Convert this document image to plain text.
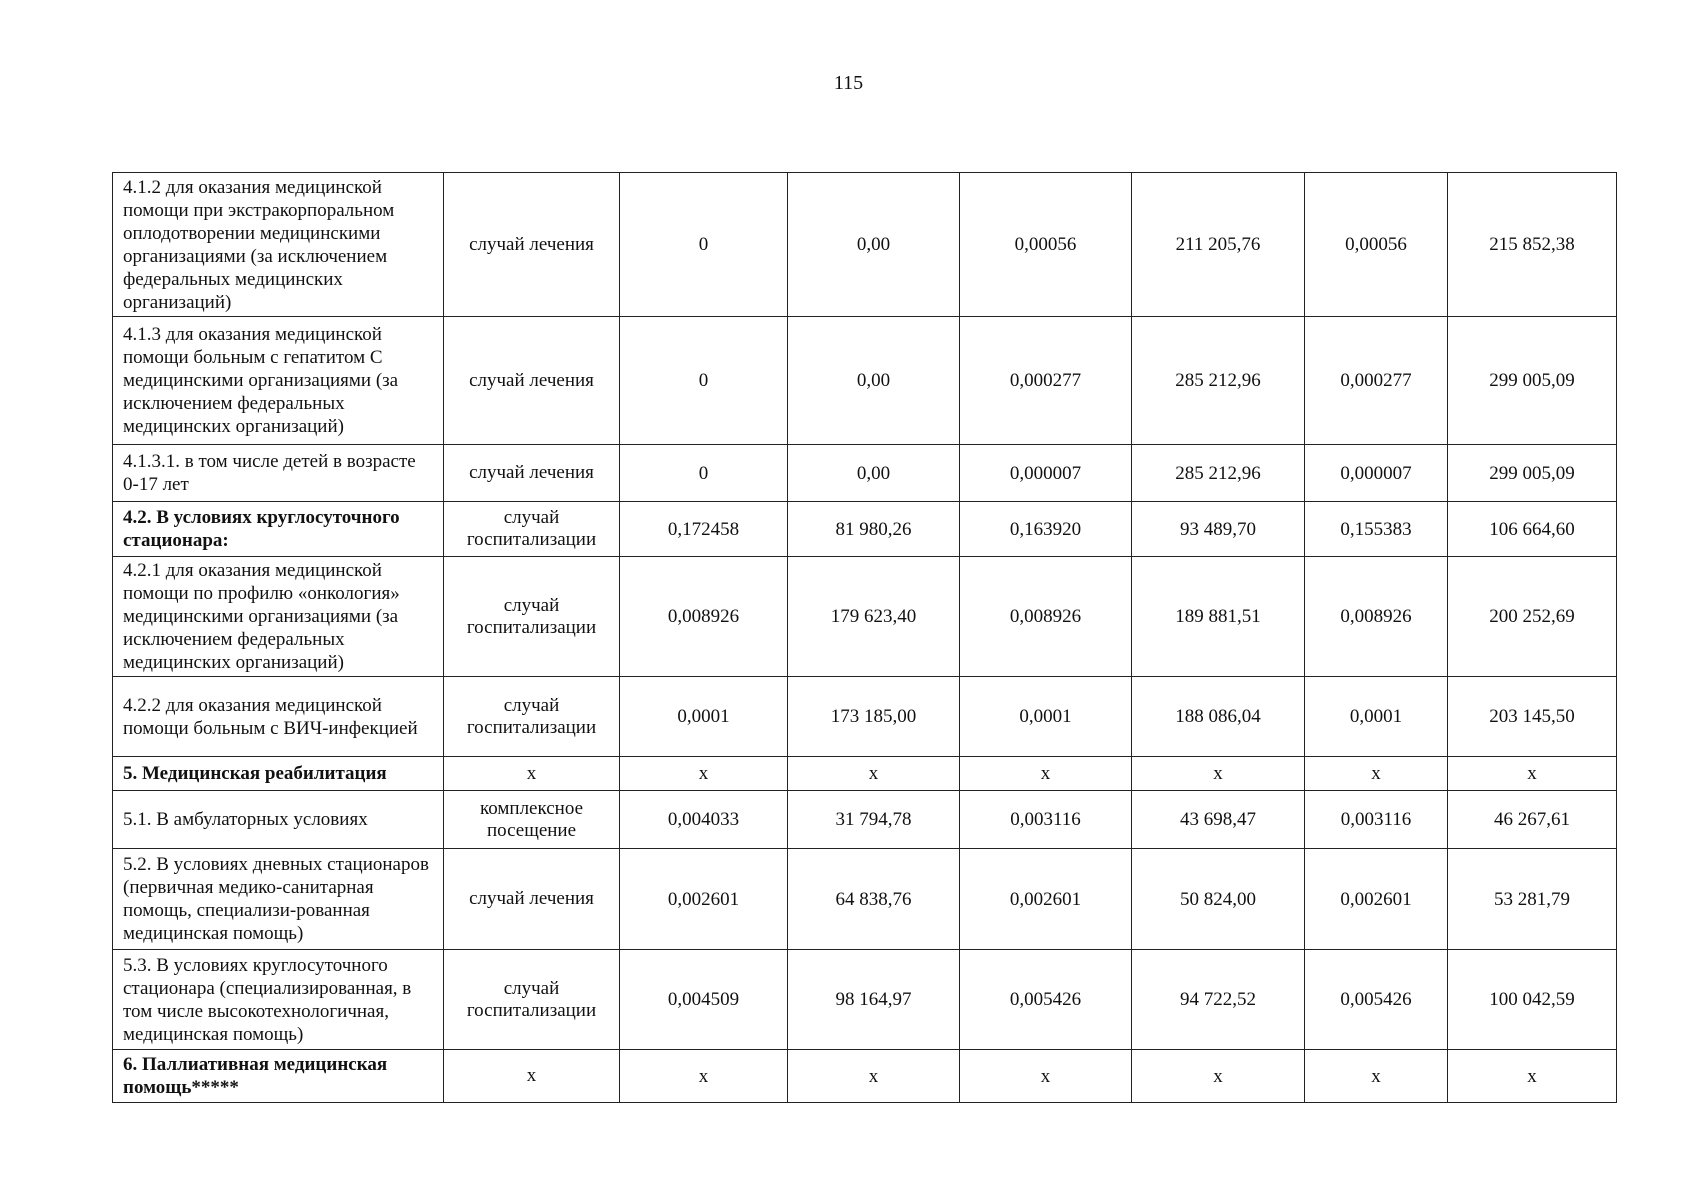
115
4.1.2 для оказания медицинской помощи при экстракорпоральном оплодотворении медицинскими организациями (за исключением федеральных медицинских организаций)	случай лечения	0	0,00	0,00056	211 205,76	0,00056	215 852,38
4.1.3 для оказания медицинской помощи больным с гепатитом С медицинскими организациями (за исключением федеральных медицинских организаций)	случай лечения	0	0,00	0,000277	285 212,96	0,000277	299 005,09
4.1.3.1. в том числе детей в возрасте 0-17 лет	случай лечения	0	0,00	0,000007	285 212,96	0,000007	299 005,09
4.2. В условиях круглосуточного стационара:	случай госпитализации	0,172458	81 980,26	0,163920	93 489,70	0,155383	106 664,60
4.2.1 для оказания медицинской помощи по профилю «онкология» медицинскими организациями (за исключением федеральных медицинских организаций)	случай госпитализации	0,008926	179 623,40	0,008926	189 881,51	0,008926	200 252,69
4.2.2 для оказания медицинской помощи больным с ВИЧ-инфекцией	случай госпитализации	0,0001	173 185,00	0,0001	188 086,04	0,0001	203 145,50
5. Медицинская реабилитация	х	х	х	х	х	х	х
5.1. В амбулаторных условиях	комплексное посещение	0,004033	31 794,78	0,003116	43 698,47	0,003116	46 267,61
5.2. В условиях дневных стационаров (первичная медико-санитарная помощь, специализи-рованная медицинская помощь)	случай лечения	0,002601	64 838,76	0,002601	50 824,00	0,002601	53 281,79
5.3. В условиях круглосуточного стационара (специализированная, в том числе высокотехнологичная, медицинская помощь)	случай госпитализации	0,004509	98 164,97	0,005426	94 722,52	0,005426	100 042,59
6. Паллиативная медицинская помощь*****	х	х	х	х	х	х	х
